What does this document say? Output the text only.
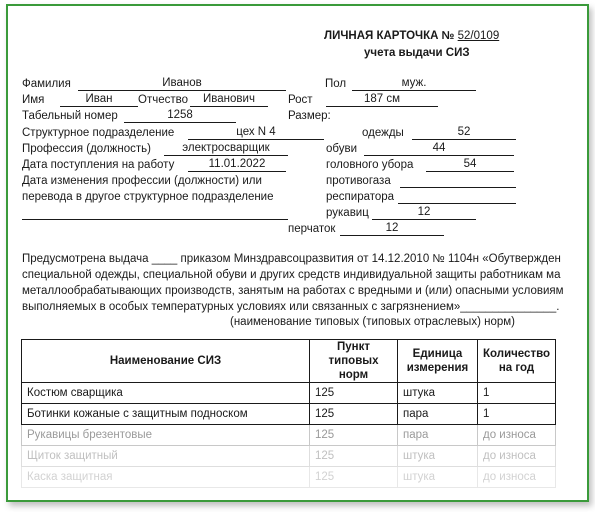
ЛИЧНАЯ КАРТОЧКА № 52/0109
учета выдачи СИЗ
Фамилия	Иванов	Пол	муж.
Имя	Иван	Отчество	Иванович	Рост	187 см
Табельный номер	1258	Размер:
Структурное подразделение	цех N 4	одежды	52
Профессия (должность)	электросварщик	обуви	44
Дата поступления на работу	11.01.2022	головного убора	54
Дата изменения профессии (должности) или	противогаза
перевода в другое структурное подразделение	респиратора
рукавиц	12
перчаток	12
Предусмотрена выдача ____ приказом Минздравсоцразвития от 14.12.2010 № 1104н «Обутвержден
специальной одежды, специальной обуви и других средств индивидуальной защиты работникам ма
металлообрабатывающих производств, занятым на работах с вредными и (или) опасными условиям
выполняемых в особых температурных условиях или связанных с загрязнением»_______________.
(наименование типовых (типовых отраслевых) норм)
Наименование СИЗ	Пункт типовых норм	Единица измерения	Количество на год
Костюм сварщика	125	штука	1
Ботинки кожаные с защитным подноском	125	пара	1
Рукавицы брезентовые	125	пара	до износа
Щиток защитный	125	штука	до износа
Каска защитная	125	штука	до износа
